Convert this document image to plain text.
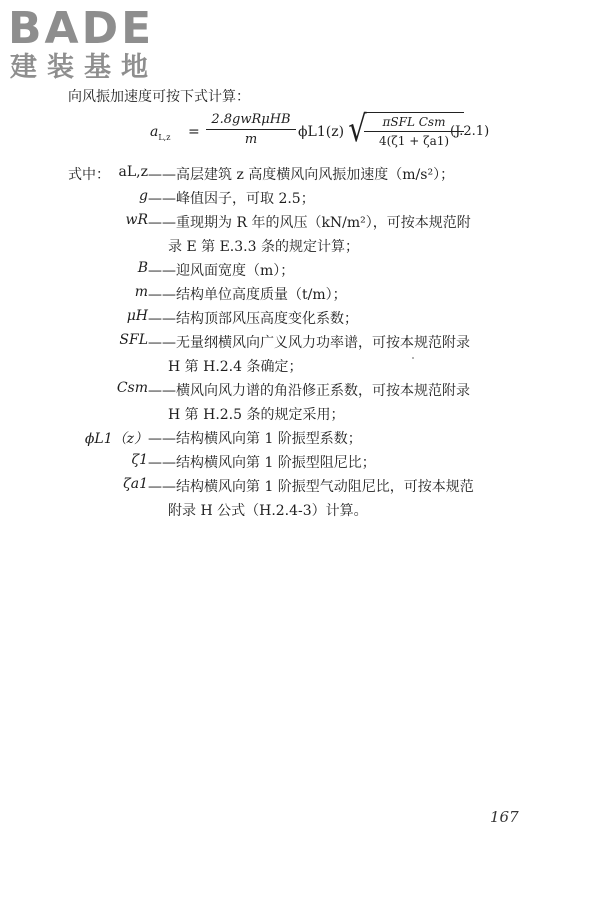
BADE
建装基地
向风振加速度可按下式计算：
$a_{L,z}$ =
2.8gwRμHB
m	ϕL1(z) √	πSFL Csm
4(ζ1 + ζa1)
(J.2.1)
式中： aL,z ——高层建筑 z 高度横风向风振加速度（m/s²）；
g ——峰值因子，可取 2.5；
wR ——重现期为 R 年的风压（kN/m²），可按本规范附
录 E 第 E.3.3 条的规定计算；
B ——迎风面宽度（m）；
m ——结构单位高度质量（t/m）；
μH ——结构顶部风压高度变化系数；
SFL ——无量纲横风向广义风力功率谱，可按本规范附录
H 第 H.2.4 条确定；
Csm ——横风向风力谱的角沿修正系数，可按本规范附录
H 第 H.2.5 条的规定采用；
ϕL1（z） ——结构横风向第 1 阶振型系数；
ζ1 ——结构横风向第 1 阶振型阻尼比；
ζa1 ——结构横风向第 1 阶振型气动阻尼比，可按本规范
附录 H 公式（H.2.4-3）计算。
167
